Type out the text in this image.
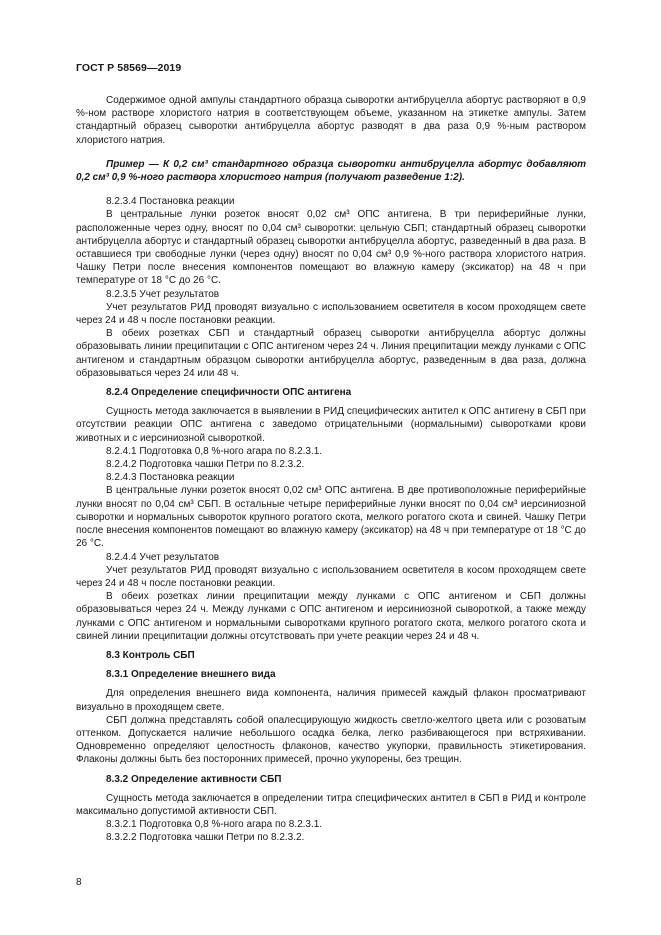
ГОСТ Р 58569—2019

Содержимое одной ампулы стандартного образца сыворотки антибруцелла абортус растворяют в 0,9 %-ном растворе хлористого натрия в соответствующем объеме, указанном на этикетке ампулы. Затем стандартный образец сыворотки антибруцелла абортус разводят в два раза 0,9 %-ным раствором хлористого натрия.

Пример — К 0,2 см³ стандартного образца сыворотки антибруцелла абортус добавляют 0,2 см³ 0,9 %-ного раствора хлористого натрия (получают разведение 1:2).

8.2.3.4 Постановка реакции

В центральные лунки розеток вносят 0,02 см³ ОПС антигена. В три периферийные лунки, расположенные через одну, вносят по 0,04 см³ сыворотки: цельную СБП; стандартный образец сыворотки антибруцелла абортус и стандартный образец сыворотки антибруцелла абортус, разведенный в два раза. В оставшиеся три свободные лунки (через одну) вносят по 0,04 см³ 0,9 %-ного раствора хлористого натрия. Чашку Петри после внесения компонентов помещают во влажную камеру (эксикатор) на 48 ч при температуре от 18 °С до 26 °С.

8.2.3.5 Учет результатов

Учет результатов РИД проводят визуально с использованием осветителя в косом проходящем свете через 24 и 48 ч после постановки реакции.

В обеих розетках СБП и стандартный образец сыворотки антибруцелла абортус должны образовывать линии преципитации с ОПС антигеном через 24 ч. Линия преципитации между лунками с ОПС антигеном и стандартным образцом сыворотки антибруцелла абортус, разведенным в два раза, должна образовываться через 24 или 48 ч.

8.2.4 Определение специфичности ОПС антигена

Сущность метода заключается в выявлении в РИД специфических антител к ОПС антигену в СБП при отсутствии реакции ОПС антигена с заведомо отрицательными (нормальными) сыворотками крови животных и с иерсиниозной сывороткой.

8.2.4.1 Подготовка 0,8 %-ного агара по 8.2.3.1.

8.2.4.2 Подготовка чашки Петри по 8.2.3.2.

8.2.4.3 Постановка реакции

В центральные лунки розеток вносят 0,02 см³ ОПС антигена. В две противоположные периферийные лунки вносят по 0,04 см³ СБП. В остальные четыре периферийные лунки вносят по 0,04 см³ иерсиниозной сыворотки и нормальных сывороток крупного рогатого скота, мелкого рогатого скота и свиней. Чашку Петри после внесения компонентов помещают во влажную камеру (эксикатор) на 48 ч при температуре от 18 °С до 26 °С.

8.2.4.4 Учет результатов

Учет результатов РИД проводят визуально с использованием осветителя в косом проходящем свете через 24 и 48 ч после постановки реакции.

В обеих розетках линии преципитации между лунками с ОПС антигеном и СБП должны образовываться через 24 ч. Между лунками с ОПС антигеном и иерсиниозной сывороткой, а также между лунками с ОПС антигеном и нормальными сыворотками крупного рогатого скота, мелкого рогатого скота и свиней линии преципитации должны отсутствовать при учете реакции через 24 и 48 ч.

8.3 Контроль СБП

8.3.1 Определение внешнего вида

Для определения внешнего вида компонента, наличия примесей каждый флакон просматривают визуально в проходящем свете.

СБП должна представлять собой опалесцирующую жидкость светло-желтого цвета или с розоватым оттенком. Допускается наличие небольшого осадка белка, легко разбивающегося при встряхивании. Одновременно определяют целостность флаконов, качество укупорки, правильность этикетирования. Флаконы должны быть без посторонних примесей, прочно укупорены, без трещин.

8.3.2 Определение активности СБП

Сущность метода заключается в определении титра специфических антител в СБП в РИД и контроле максимально допустимой активности СБП.

8.3.2.1 Подготовка 0,8 %-ного агара по 8.2.3.1.

8.3.2.2 Подготовка чашки Петри по 8.2.3.2.

8
